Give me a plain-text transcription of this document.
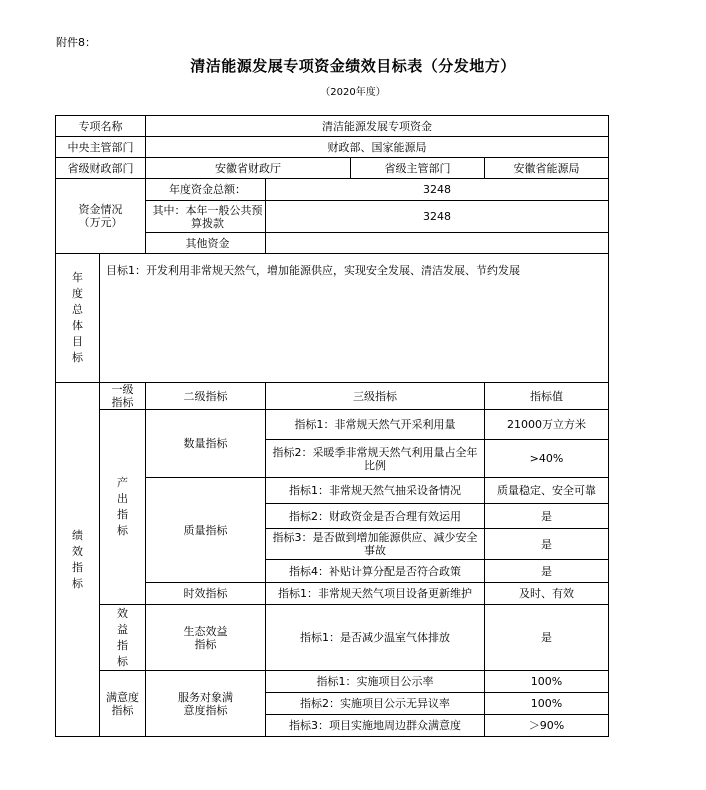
附件8：
清洁能源发展专项资金绩效目标表（分发地方）
（2020年度）
专项名称		清洁能源发展专项资金			
中央主管部门		财政部、国家能源局			
省级财政部门		安徽省财政厅		省级主管部门	安徽省能源局
资金情况（万元）		年度资金总额：	3248		
		其中：本年一般公共预算拨款	3248		
		其他资金			
年度总体目标	目标1：开发利用非常规天然气，增加能源供应，实现安全发展、清洁发展、节约发展				
绩效指标	一级指标	二级指标	三级指标		指标值
	产出指标	数量指标	指标1：非常规天然气开采利用量		21000万立方米
			指标2：采暖季非常规天然气利用量占全年比例		>40%
		质量指标	指标1：非常规天然气抽采设备情况		质量稳定、安全可靠
			指标2：财政资金是否合理有效运用		是
			指标3：是否做到增加能源供应、减少安全事故		是
			指标4：补贴计算分配是否符合政策		是
		时效指标	指标1：非常规天然气项目设备更新维护		及时、有效
	效益指标	生态效益指标	指标1：是否减少温室气体排放		是
	满意度指标	服务对象满意度指标	指标1：实施项目公示率		100%
			指标2：实施项目公示无异议率		100%
			指标3：项目实施地周边群众满意度		＞90%
